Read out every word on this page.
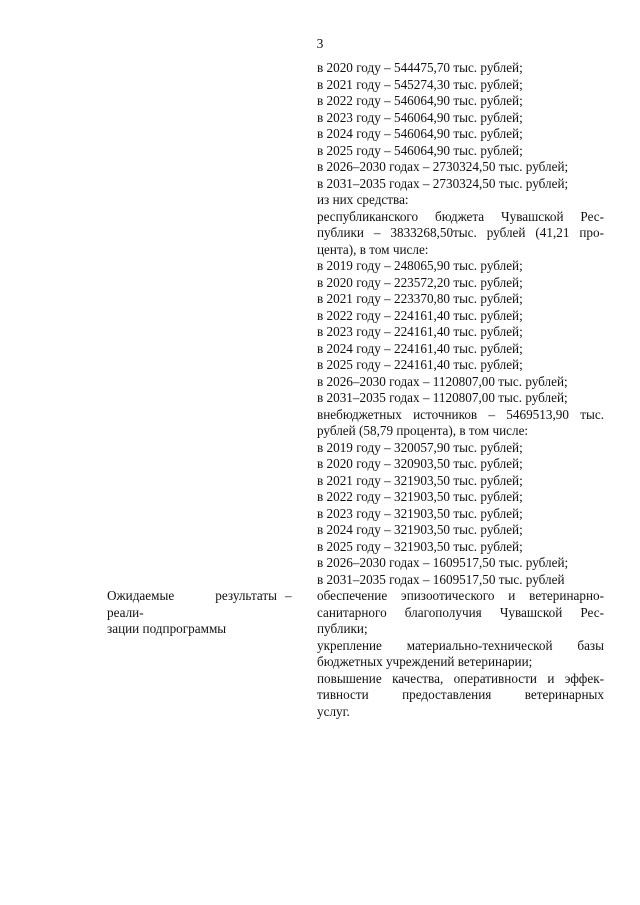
3
в 2020 году – 544475,70 тыс. рублей;
в 2021 году – 545274,30 тыс. рублей;
в 2022 году – 546064,90 тыс. рублей;
в 2023 году – 546064,90 тыс. рублей;
в 2024 году – 546064,90 тыс. рублей;
в 2025 году – 546064,90 тыс. рублей;
в 2026–2030 годах – 2730324,50 тыс. рублей;
в 2031–2035 годах – 2730324,50 тыс. рублей;
из них средства:
республиканского бюджета Чувашской Рес-
публики – 3833268,50тыс. рублей (41,21 про-
цента), в том числе:
в 2019 году – 248065,90 тыс. рублей;
в 2020 году – 223572,20 тыс. рублей;
в 2021 году – 223370,80 тыс. рублей;
в 2022 году – 224161,40 тыс. рублей;
в 2023 году – 224161,40 тыс. рублей;
в 2024 году – 224161,40 тыс. рублей;
в 2025 году – 224161,40 тыс. рублей;
в 2026–2030 годах – 1120807,00 тыс. рублей;
в 2031–2035 годах – 1120807,00 тыс. рублей;
внебюджетных источников – 5469513,90 тыс.
рублей (58,79 процента), в том числе:
в 2019 году – 320057,90 тыс. рублей;
в 2020 году – 320903,50 тыс. рублей;
в 2021 году – 321903,50 тыс. рублей;
в 2022 году – 321903,50 тыс. рублей;
в 2023 году – 321903,50 тыс. рублей;
в 2024 году – 321903,50 тыс. рублей;
в 2025 году – 321903,50 тыс. рублей;
в 2026–2030 годах – 1609517,50 тыс. рублей;
в 2031–2035 годах – 1609517,50 тыс. рублей
Ожидаемые результаты реали-
зации подпрограммы
– обеспечение эпизоотического и ветеринарно-
санитарного благополучия Чувашской Рес-
публики;
укрепление материально-технической базы
бюджетных учреждений ветеринарии;
повышение качества, оперативности и эффек-
тивности предоставления ветеринарных
услуг.
